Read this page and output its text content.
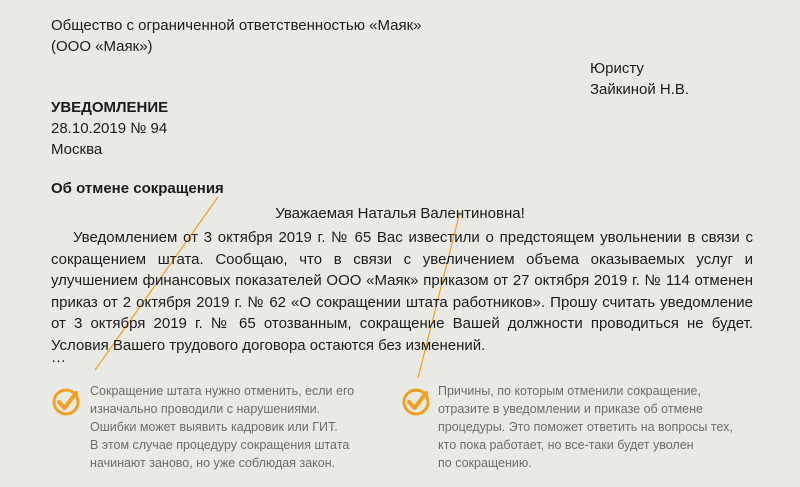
Общество с ограниченной ответственностью «Маяк»
(ООО «Маяк»)
Юристу
Зайкиной Н.В.
УВЕДОМЛЕНИЕ
28.10.2019 № 94
Москва
Об отмене сокращения
Уважаемая Наталья Валентиновна!

Уведомлением от 3 октября 2019 г. № 65 Вас известили о предстоящем увольнении в связи с сокращением штата. Сообщаю, что в связи с увеличением объема оказываемых услуг и улучшением финансовых показателей ООО «Маяк» приказом от 27 октября 2019 г. № 114 отменен приказ от 2 октября 2019 г. № 62 «О сокращении штата работников». Прошу считать уведомление от 3 октября 2019 г. № 65 отозванным, сокращение Вашей должности проводиться не будет. Условия Вашего трудового договора остаются без изменений.

…
Сокращение штата нужно отменить, если его
изначально проводили с нарушениями.
Ошибки может выявить кадровик или ГИТ.
В этом случае процедуру сокращения штата
начинают заново, но уже соблюдая закон.
Причины, по которым отменили сокращение,
отразите в уведомлении и приказе об отмене
процедуры. Это поможет ответить на вопросы тех,
кто пока работает, но все-таки будет уволен
по сокращению.
